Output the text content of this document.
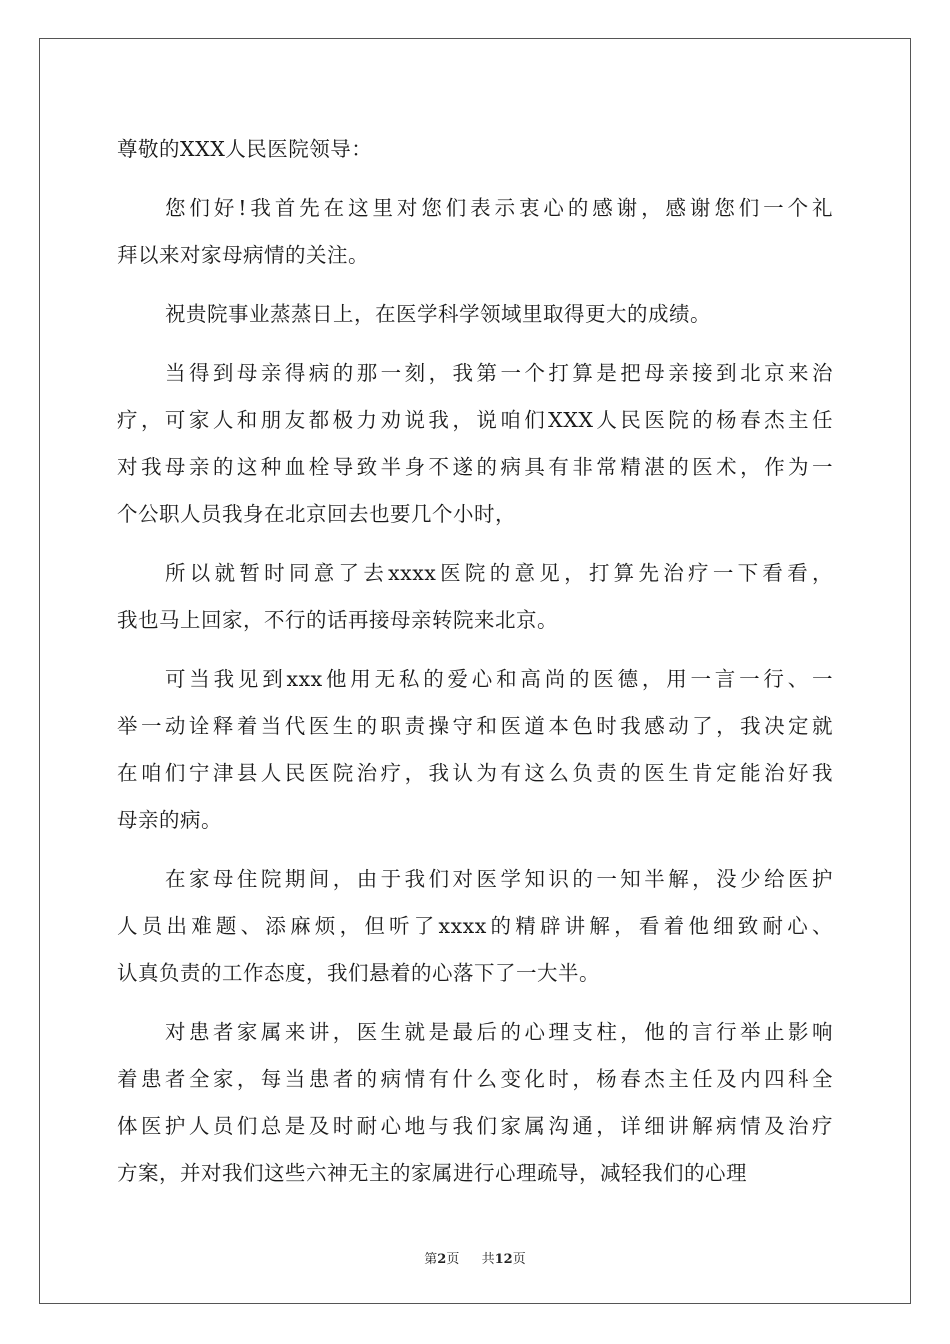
尊敬的XXX人民医院领导：
您们好!我首先在这里对您们表示衷心的感谢，感谢您们一个礼
拜以来对家母病情的关注。
祝贵院事业蒸蒸日上，在医学科学领域里取得更大的成绩。
当得到母亲得病的那一刻，我第一个打算是把母亲接到北京来治
疗，可家人和朋友都极力劝说我，说咱们XXX人民医院的杨春杰主任
对我母亲的这种血栓导致半身不遂的病具有非常精湛的医术，作为一
个公职人员我身在北京回去也要几个小时，
所以就暂时同意了去xxxx医院的意见，打算先治疗一下看看，
我也马上回家，不行的话再接母亲转院来北京。
可当我见到xxx他用无私的爱心和高尚的医德，用一言一行、一
举一动诠释着当代医生的职责操守和医道本色时我感动了，我决定就
在咱们宁津县人民医院治疗，我认为有这么负责的医生肯定能治好我
母亲的病。
在家母住院期间，由于我们对医学知识的一知半解，没少给医护
人员出难题、添麻烦，但听了xxxx的精辟讲解，看着他细致耐心、
认真负责的工作态度，我们悬着的心落下了一大半。
对患者家属来讲，医生就是最后的心理支柱，他的言行举止影响
着患者全家，每当患者的病情有什么变化时，杨春杰主任及内四科全
体医护人员们总是及时耐心地与我们家属沟通，详细讲解病情及治疗
方案，并对我们这些六神无主的家属进行心理疏导，减轻我们的心理
第2页 共12页
